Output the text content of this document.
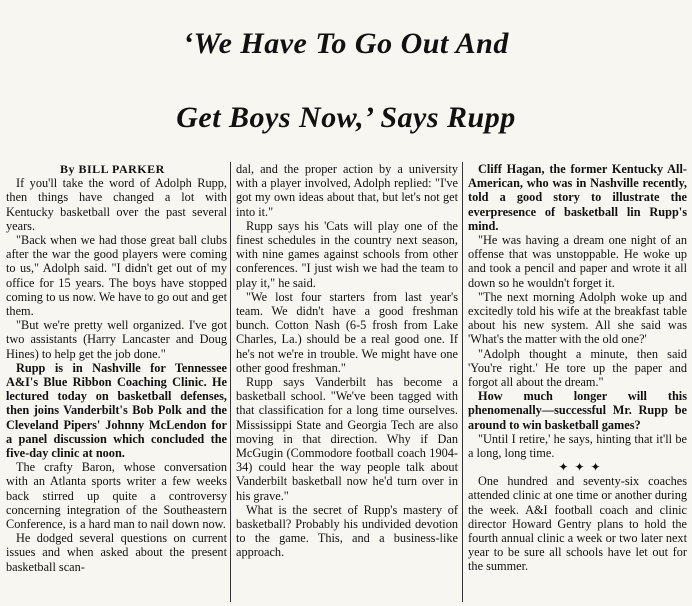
‘We Have To Go Out And
Get Boys Now,’ Says Rupp

By BILL PARKER

If you'll take the word of Adolph Rupp, then things have changed a lot with Kentucky basketball over the past several years.

"Back when we had those great ball clubs after the war the good players were coming to us," Adolph said. "I didn't get out of my office for 15 years. The boys have stopped coming to us now. We have to go out and get them.

"But we're pretty well organized. I've got two assistants (Harry Lancaster and Doug Hines) to help get the job done."

Rupp is in Nashville for Tennessee A&I's Blue Ribbon Coaching Clinic. He lectured today on basketball defenses, then joins Vanderbilt's Bob Polk and the Cleveland Pipers' Johnny McLendon for a panel discussion which concluded the five-day clinic at noon.

The crafty Baron, whose conversation with an Atlanta sports writer a few weeks back stirred up quite a controversy concerning integration of the Southeastern Conference, is a hard man to nail down now.

He dodged several questions on current issues and when asked about the present basketball scan-

dal, and the proper action by a university with a player involved, Adolph replied: "I've got my own ideas about that, but let's not get into it."

Rupp says his 'Cats will play one of the finest schedules in the country next season, with nine games against schools from other conferences. "I just wish we had the team to play it," he said.

"We lost four starters from last year's team. We didn't have a good freshman bunch. Cotton Nash (6-5 frosh from Lake Charles, La.) should be a real good one. If he's not we're in trouble. We might have one other good freshman."

Rupp says Vanderbilt has become a basketball school. "We've been tagged with that classification for a long time ourselves. Mississippi State and Georgia Tech are also moving in that direction. Why if Dan McGugin (Commodore football coach 1904-34) could hear the way people talk about Vanderbilt basketball now he'd turn over in his grave."

What is the secret of Rupp's mastery of basketball? Probably his undivided devotion to the game. This, and a business-like approach.

Cliff Hagan, the former Kentucky All-American, who was in Nashville recently, told a good story to illustrate the everpresence of basketball lin Rupp's mind.

"He was having a dream one night of an offense that was unstoppable. He woke up and took a pencil and paper and wrote it all down so he wouldn't forget it.

"The next morning Adolph woke up and excitedly told his wife at the breakfast table about his new system. All she said was 'What's the matter with the old one?'

"Adolph thought a minute, then said 'You're right.' He tore up the paper and forgot all about the dream."

How much longer will this phenomenally—successful Mr. Rupp be around to win basketball games?

"Until I retire,' he says, hinting that it'll be a long, long time.

✦✦✦

One hundred and seventy-six coaches attended clinic at one time or another during the week. A&I football coach and clinic director Howard Gentry plans to hold the fourth annual clinic a week or two later next year to be sure all schools have let out for the summer.
